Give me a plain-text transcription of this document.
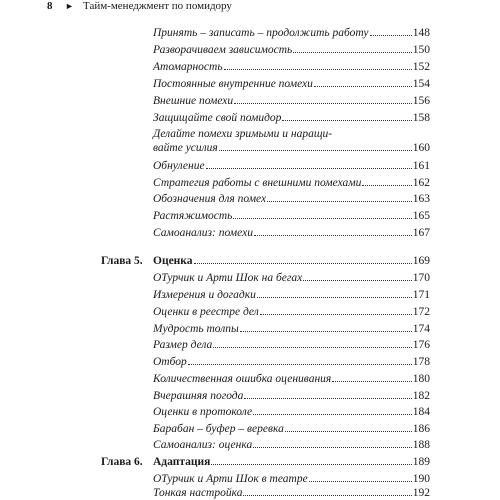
8 ► Тайм-менеджмент по помидору
Принять – записать – продолжить работу	148
Разворачиваем зависимость	150
Атомарность	152
Постоянные внутренние помехи	154
Внешние помехи	156
Защищайте свой помидор	158
Делайте помехи зримыми и наращи-
вайте усилия	160
Обнуление	161
Стратегия работы с внешними помехами	162
Обозначения для помех	163
Растяжимость	165
Самоанализ: помехи	167
Глава 5. Оценка	169
ОТурчик и Арти Шок на бегах	170
Измерения и догадки	171
Оценки в реестре дел	172
Мудрость толпы	174
Размер дела	176
Отбор	178
Количественная ошибка оценивания	180
Вчерашняя погода	182
Оценки в протоколе	184
Барабан – буфер – веревка	186
Самоанализ: оценка	188
Глава 6. Адаптация	189
ОТурчик и Арти Шок в театре	190
Тонкая настройка	192
